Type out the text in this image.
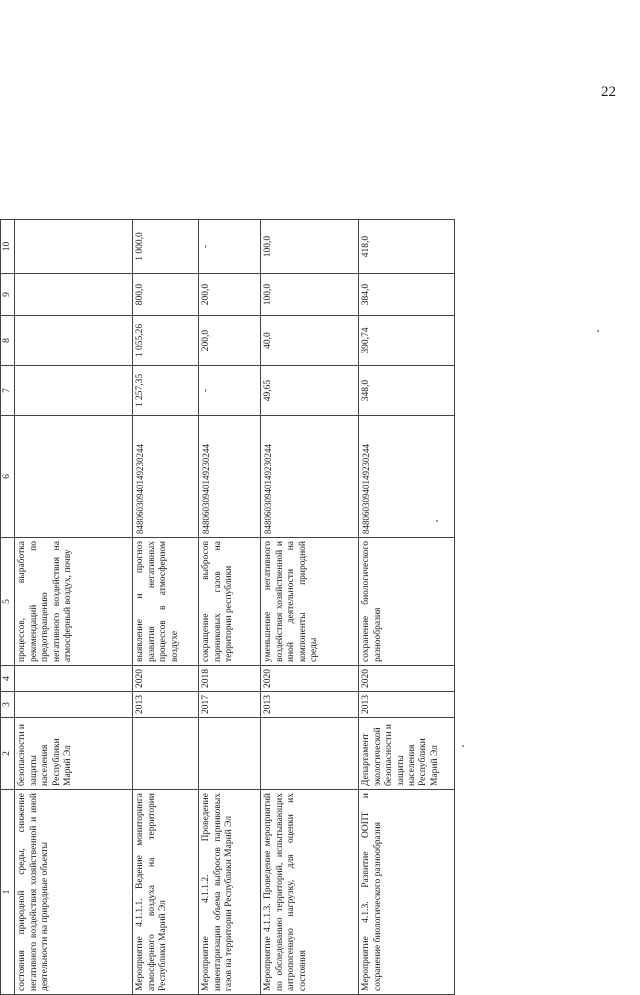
22
1	2	3	4	5	6	7	8	9	10
состояния природной среды, снижение негативного воздействия хозяйственной и иной деятельности на природные объекты	безопасности и защиты населения Республики Марий Эл			процессов, выработка рекомендаций по предотвращению негативного воздействия на атмосферный воздух, почву					
Мероприятие 4.1.1.1. Ведение мониторинга атмосферного воздуха на территории Республики Марий Эл		2013	2020	выявление и прогноз развития негативных процессов в атмосферном воздухе	84806030940149230244	1 257,35	1 055,26	800,0	1 000,0
Мероприятие 4.1.1.2. Проведение инвентаризации объема выбросов парниковых газов на территории Республики Марий Эл		2017	2018	сокращение выбросов парниковых газов на территории республики	84806030940149230244	-	200,0	200,0	-
Мероприятие 4.1.1.3. Проведение мероприятий по обследованию территорий, испытывающих антропогенную нагрузку, для оценки их состояния		2013	2020	уменьшение негативного воздействия хозяйственной и иной деятельности на компоненты природной среды	84806030940149230244	49,65	40,0	100,0	100,0
Мероприятие 4.1.3. Развитие ООПТ и сохранение биологического разнообразия	Департамент экологической безопасности и защиты населения Республики Марий Эл	2013	2020	сохранение биологического разнообразия	84806030940149230244	348,0	390,74	384,0	418,0
